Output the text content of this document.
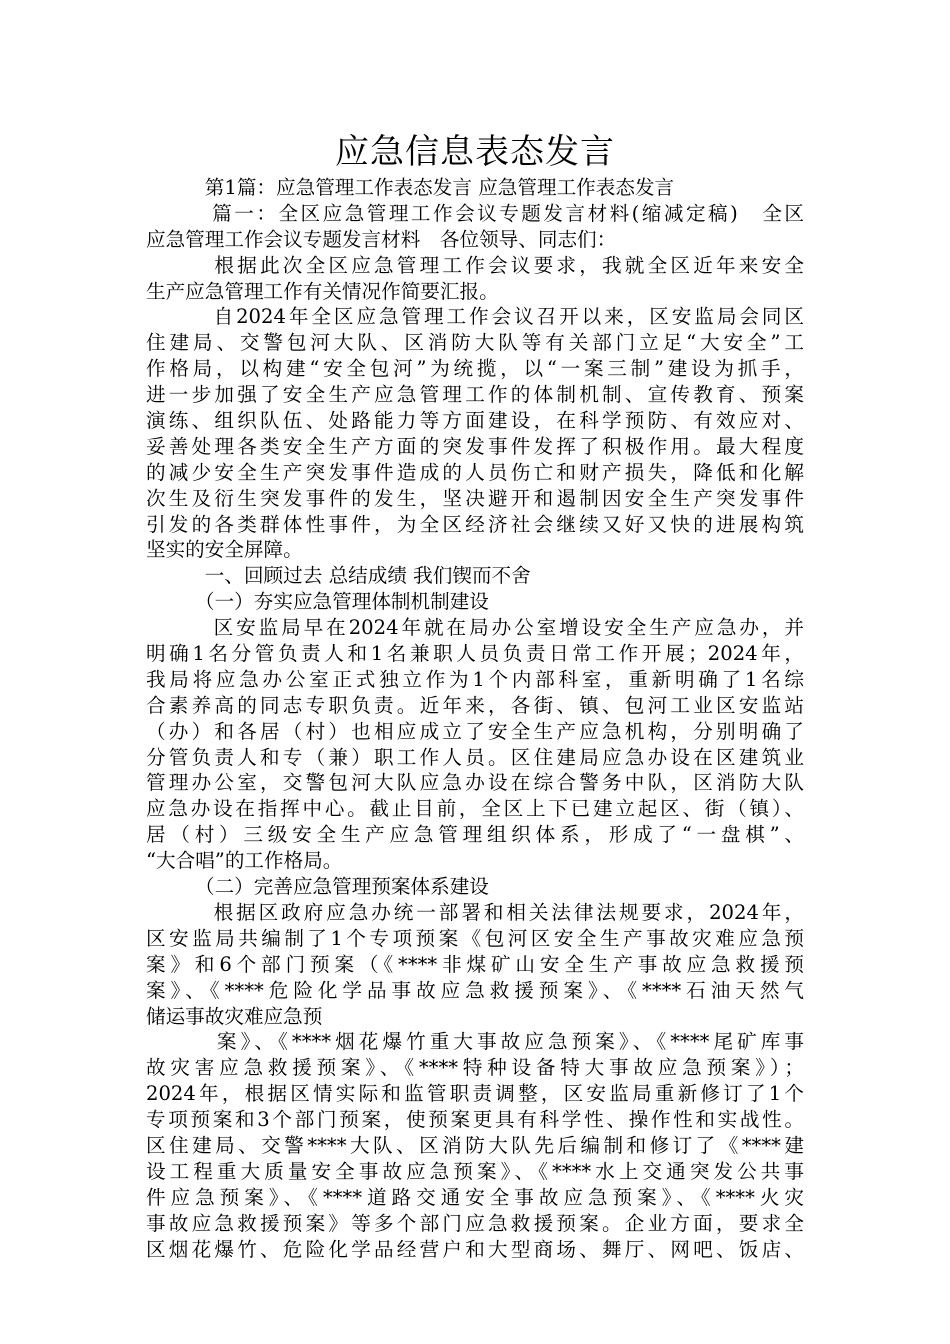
应急信息表态发言
　　　第1篇：应急管理工作表态发言 应急管理工作表态发言
　　　篇一：全区应急管理工作会议专题发言材料(缩减定稿)　全区
应急管理工作会议专题发言材料　各位领导、同志们：
　　　根据此次全区应急管理工作会议要求，我就全区近年来安全
生产应急管理工作有关情况作简要汇报。
　　　自2024年全区应急管理工作会议召开以来，区安监局会同区
住建局、交警包河大队、区消防大队等有关部门立足“大安全”工
作格局，以构建“安全包河”为统揽，以“一案三制”建设为抓手，
进一步加强了安全生产应急管理工作的体制机制、宣传教育、预案
演练、组织队伍、处路能力等方面建设，在科学预防、有效应对、
妥善处理各类安全生产方面的突发事件发挥了积极作用。最大程度
的减少安全生产突发事件造成的人员伤亡和财产损失，降低和化解
次生及衍生突发事件的发生，坚决避开和遏制因安全生产突发事件
引发的各类群体性事件，为全区经济社会继续又好又快的进展构筑
坚实的安全屏障。
　　　一、回顾过去 总结成绩 我们锲而不舍
　　　（一）夯实应急管理体制机制建设
　　　区安监局早在2024年就在局办公室增设安全生产应急办，并
明确1名分管负责人和1名兼职人员负责日常工作开展；2024年，
我局将应急办公室正式独立作为1个内部科室，重新明确了1名综
合素养高的同志专职负责。近年来，各街、镇、包河工业区安监站
（办）和各居（村）也相应成立了安全生产应急机构，分别明确了
分管负责人和专（兼）职工作人员。区住建局应急办设在区建筑业
管理办公室，交警包河大队应急办设在综合警务中队，区消防大队
应急办设在指挥中心。截止目前，全区上下已建立起区、街（镇）、
居（村）三级安全生产应急管理组织体系，形成了“一盘棋”、
“大合唱”的工作格局。
　　　（二）完善应急管理预案体系建设
　　　根据区政府应急办统一部署和相关法律法规要求，2024年，
区安监局共编制了1个专项预案《包河区安全生产事故灾难应急预
案》和6个部门预案（《****非煤矿山安全生产事故应急救援预
案》、《****危险化学品事故应急救援预案》、《****石油天然气
储运事故灾难应急预
　　　案》、《****烟花爆竹重大事故应急预案》、《****尾矿库事
故灾害应急救援预案》、《****特种设备特大事故应急预案》）；
2024年，根据区情实际和监管职责调整，区安监局重新修订了1个
专项预案和3个部门预案，使预案更具有科学性、操作性和实战性。
区住建局、交警****大队、区消防大队先后编制和修订了《****建
设工程重大质量安全事故应急预案》、《****水上交通突发公共事
件应急预案》、《****道路交通安全事故应急预案》、《****火灾
事故应急救援预案》等多个部门应急救援预案。企业方面，要求全
区烟花爆竹、危险化学品经营户和大型商场、舞厅、网吧、饭店、
